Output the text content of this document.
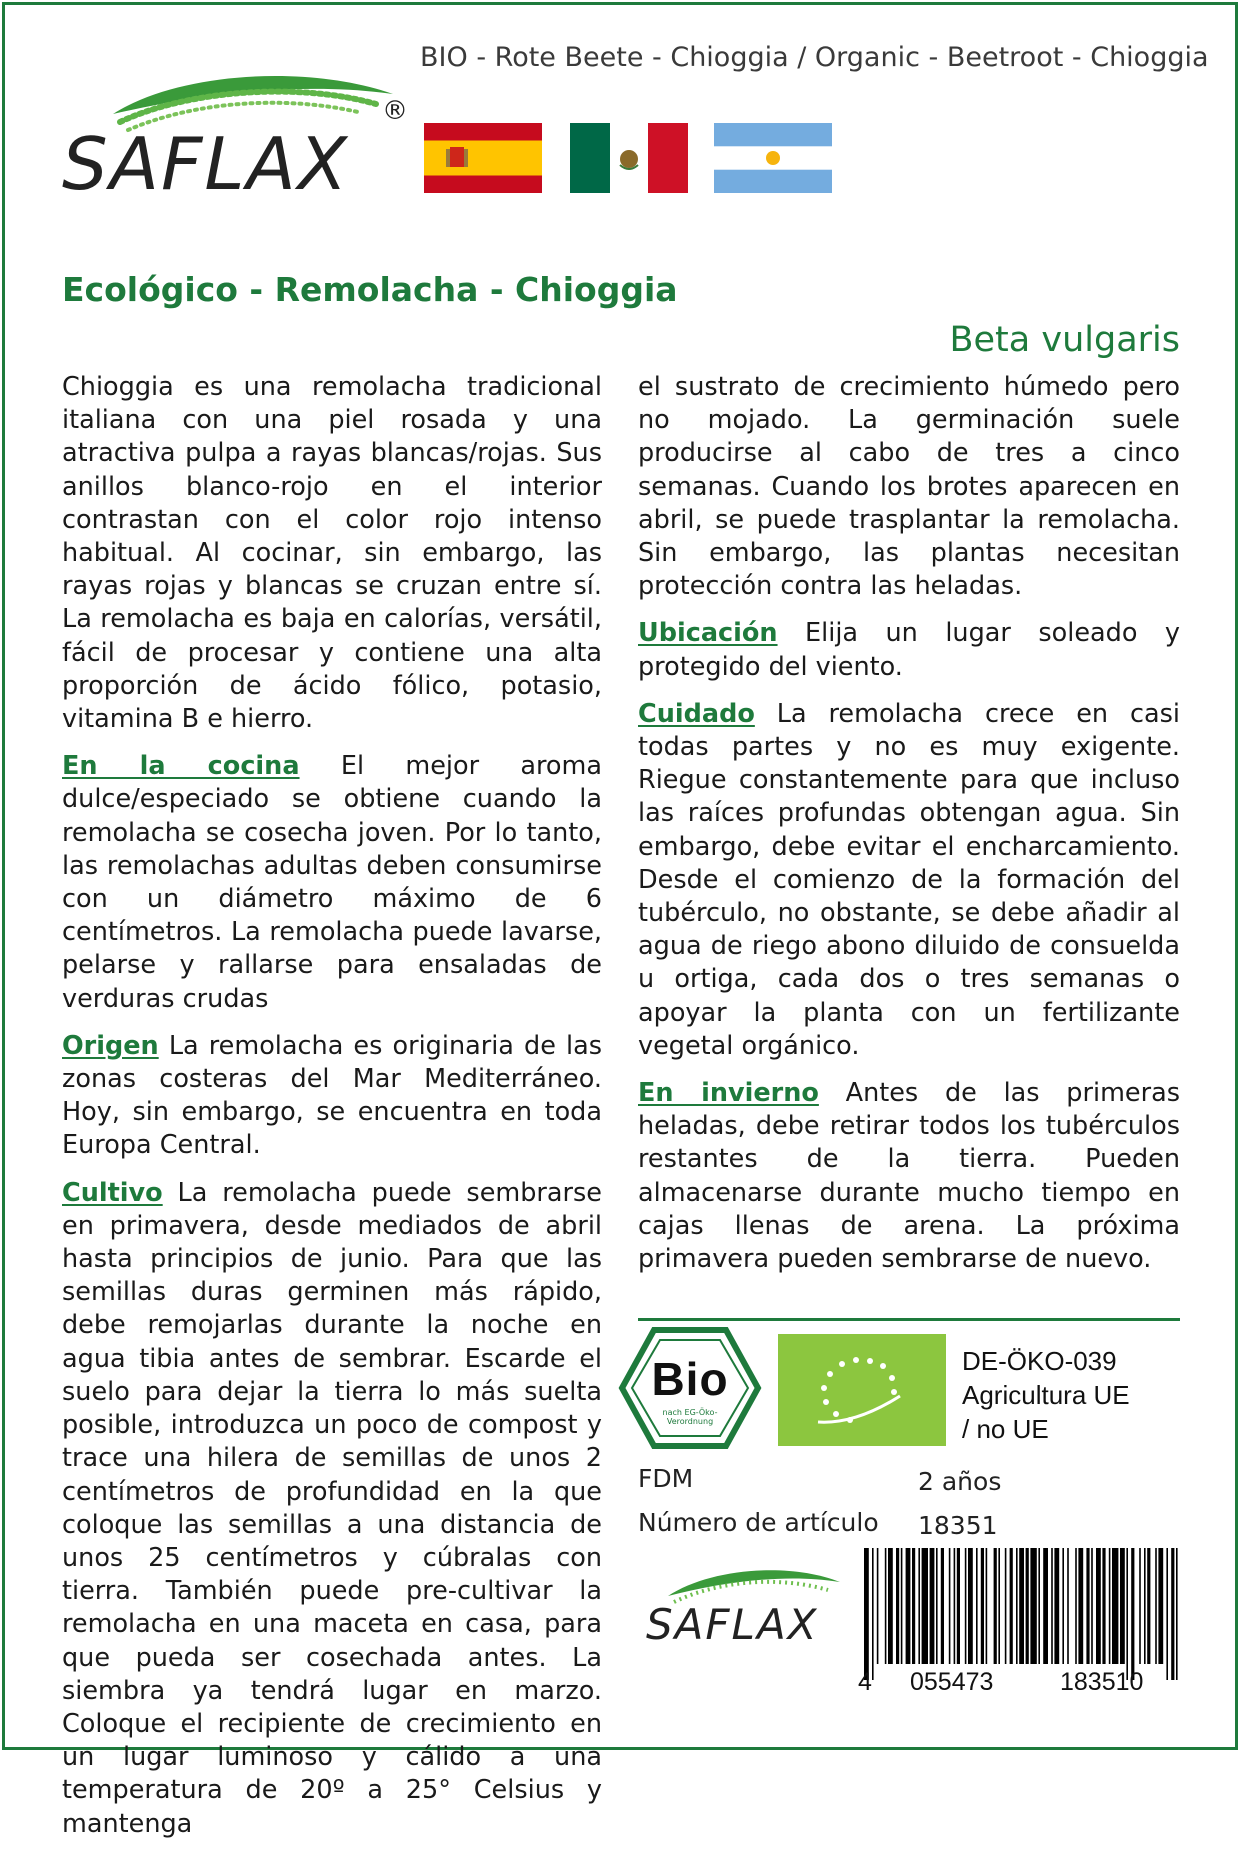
BIO - Rote Beete - Chioggia / Organic - Beetroot - Chioggia
SAFLAX
®
Ecológico - Remolacha - Chioggia
Beta vulgaris

Chioggia es una remolacha tradicional italiana con una piel rosada y una atractiva pulpa a rayas blancas/rojas. Sus anillos blanco-rojo en el interior contrastan con el color rojo intenso habitual. Al cocinar, sin embargo, las rayas rojas y blancas se cruzan entre sí. La remolacha es baja en calorías, versátil, fácil de procesar y contiene una alta proporción de ácido fólico, potasio, vitamina B e hierro.

En la cocina El mejor aroma dulce/especiado se obtiene cuando la remolacha se cosecha joven. Por lo tanto, las remolachas adultas deben consumirse con un diámetro máximo de 6 centímetros. La remolacha puede lavarse, pelarse y rallarse para ensaladas de verduras crudas

Origen La remolacha es originaria de las zonas costeras del Mar Mediterráneo. Hoy, sin embargo, se encuentra en toda Europa Central.

Cultivo La remolacha puede sembrarse en primavera, desde mediados de abril hasta principios de junio. Para que las semillas duras germinen más rápido, debe remojarlas durante la noche en agua tibia antes de sembrar. Escarde el suelo para dejar la tierra lo más suelta posible, introduzca un poco de compost y trace una hilera de semillas de unos 2 centímetros de profundidad en la que coloque las semillas a una distancia de unos 25 centímetros y cúbralas con tierra. También puede pre-cultivar la remolacha en una maceta en casa, para que pueda ser cosechada antes. La siembra ya tendrá lugar en marzo. Coloque el recipiente de crecimiento en un lugar luminoso y cálido a una temperatura de 20º a 25° Celsius y mantenga

el sustrato de crecimiento húmedo pero no mojado. La germinación suele producirse al cabo de tres a cinco semanas. Cuando los brotes aparecen en abril, se puede trasplantar la remolacha. Sin embargo, las plantas necesitan protección contra las heladas.

Ubicación Elija un lugar soleado y protegido del viento.

Cuidado La remolacha crece en casi todas partes y no es muy exigente. Riegue constantemente para que incluso las raíces profundas obtengan agua. Sin embargo, debe evitar el encharcamiento. Desde el comienzo de la formación del tubérculo, no obstante, se debe añadir al agua de riego abono diluido de consuelda u ortiga, cada dos o tres semanas o apoyar la planta con un fertilizante vegetal orgánico.

En invierno Antes de las primeras heladas, debe retirar todos los tubérculos restantes de la tierra. Pueden almacenarse durante mucho tiempo en cajas llenas de arena. La próxima primavera pueden sembrarse de nuevo.

Bio
nach EG-Öko-Verordnung
DE-ÖKO-039
Agricultura UE
/ no UE
FDM	2 años
Número de artículo 18351
SAFLAX
4 055473	183510
